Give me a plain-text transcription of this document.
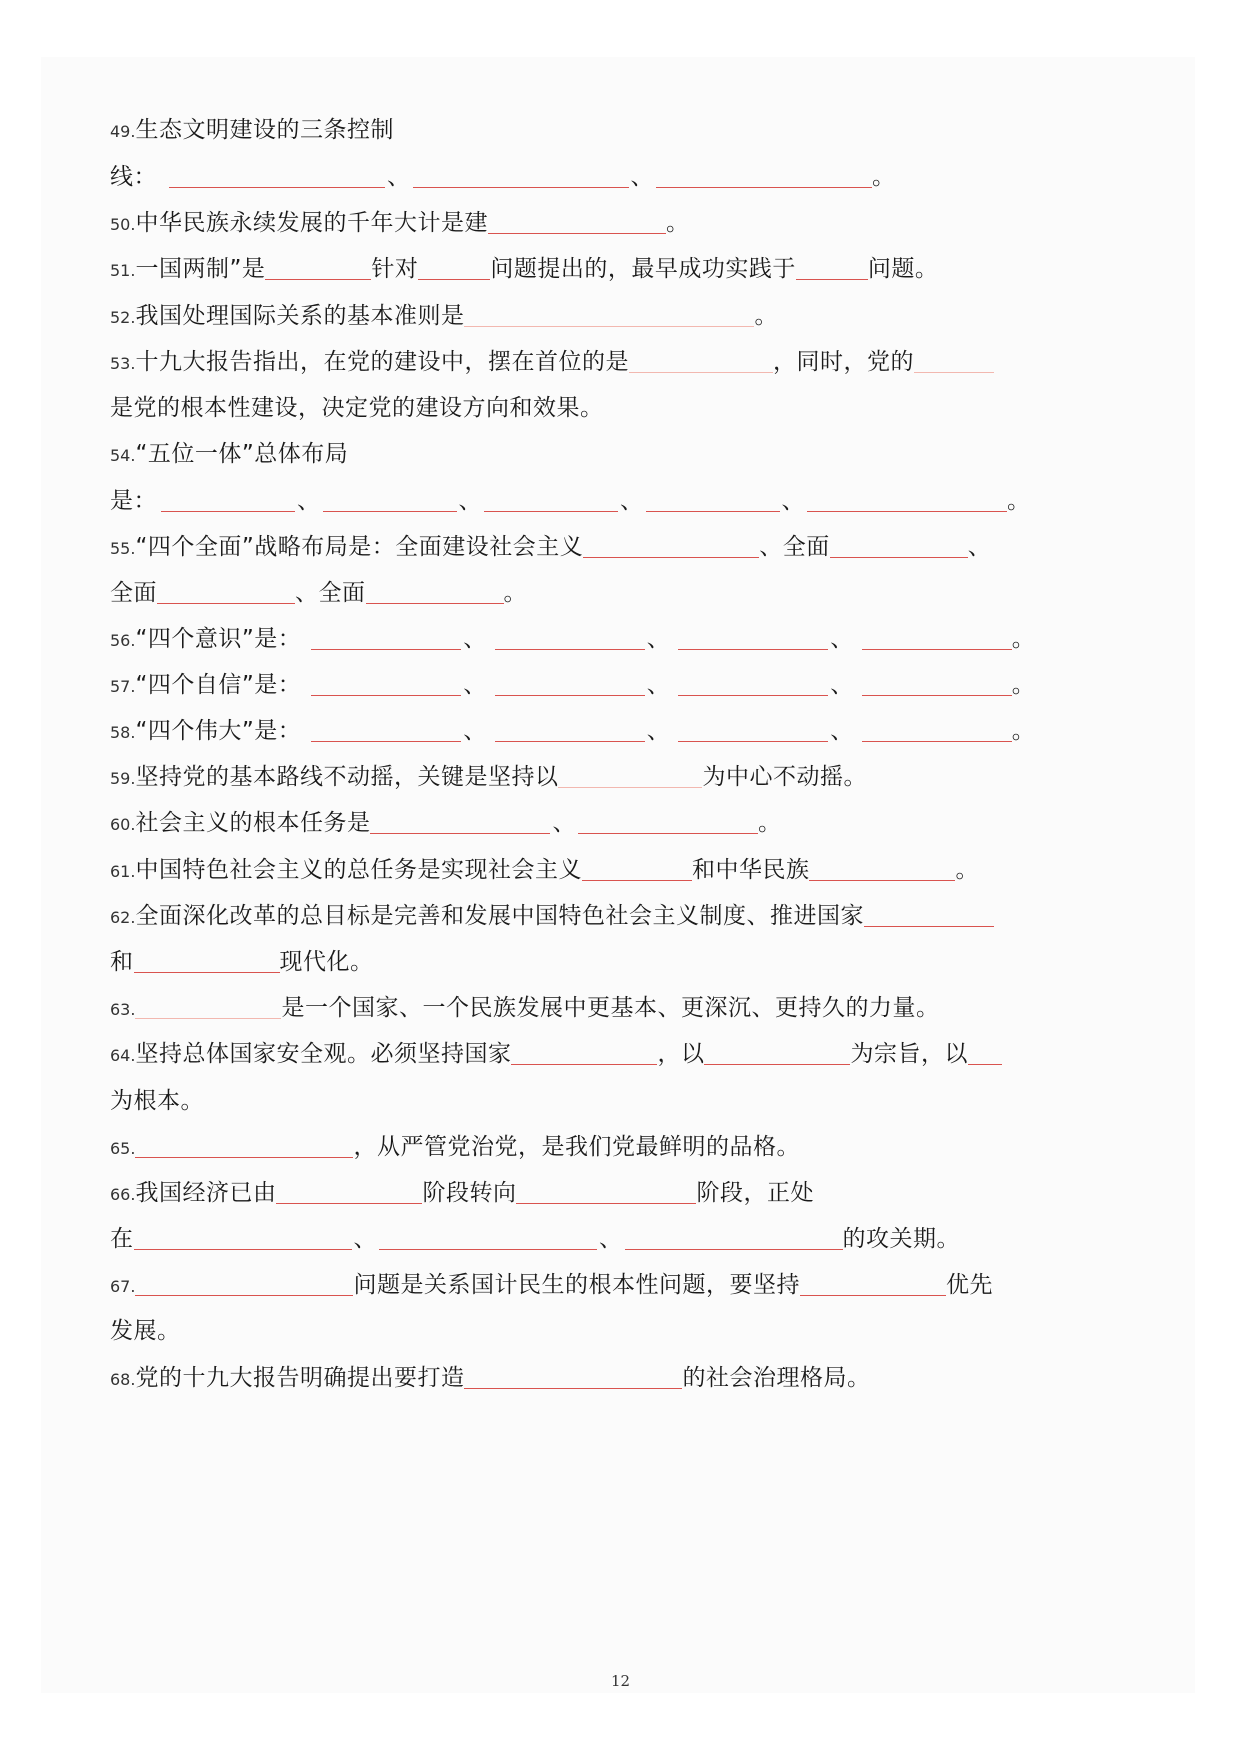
49.生态文明建设的三条控制
线：	、	、	。
50.中华民族永续发展的千年大计是建	。
51.一国两制”是	针对	问题提出的，最早成功实践于	问题。
52.我国处理国际关系的基本准则是	。
53.十九大报告指出，在党的建设中，摆在首位的是	，同时，党的
是党的根本性建设，决定党的建设方向和效果。
54.“五位一体”总体布局
是：	、	、	、	、	。
55.“四个全面”战略布局是：全面建设社会主义	、全面	、
全面	、全面	。
56.“四个意识”是：	、	、	、	。
57.“四个自信”是：	、	、	、	。
58.“四个伟大”是：	、	、	、	。
59.坚持党的基本路线不动摇，关键是坚持以	为中心不动摇。
60.社会主义的根本任务是	、	。
61.中国特色社会主义的总任务是实现社会主义	和中华民族	。
62.全面深化改革的总目标是完善和发展中国特色社会主义制度、推进国家
和	现代化。
63.	是一个国家、一个民族发展中更基本、更深沉、更持久的力量。
64.坚持总体国家安全观。必须坚持国家	，以	为宗旨，以
为根本。
65.	，从严管党治党，是我们党最鲜明的品格。
66.我国经济已由	阶段转向	阶段，正处
在	、	、	的攻关期。
67.	问题是关系国计民生的根本性问题，要坚持	优先
发展。
68.党的十九大报告明确提出要打造	的社会治理格局。
12
